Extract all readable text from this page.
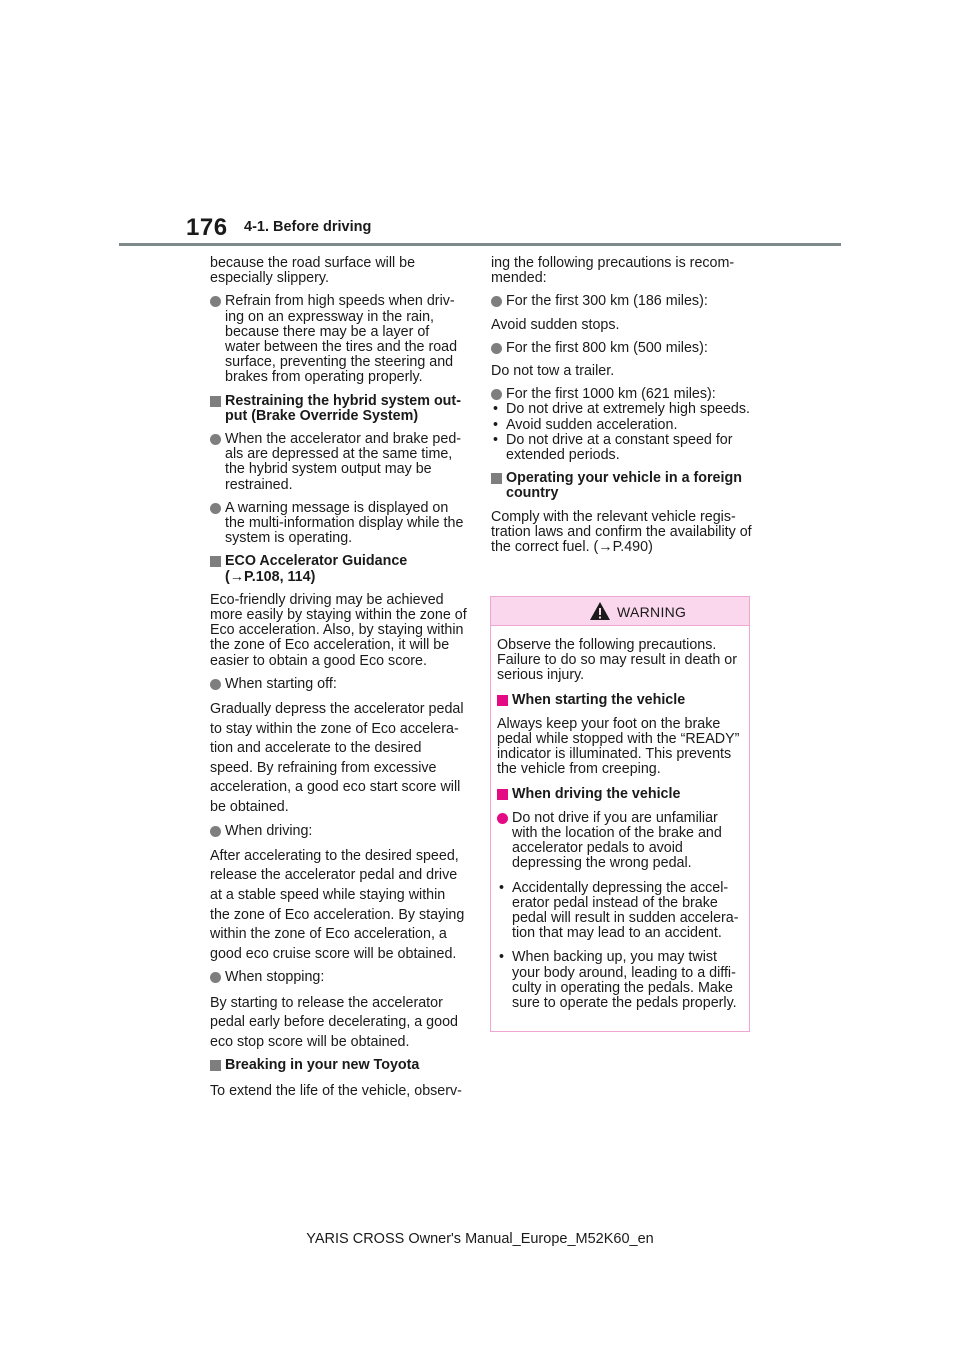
176 4-1. Before driving
because the road surface will be especially slippery.
Refrain from high speeds when driving on an expressway in the rain, because there may be a layer of water between the tires and the road surface, preventing the steering and brakes from operating properly.
Restraining the hybrid system output (Brake Override System)
When the accelerator and brake pedals are depressed at the same time, the hybrid system output may be restrained.
A warning message is displayed on the multi-information display while the system is operating.
ECO Accelerator Guidance (→P.108, 114)
Eco-friendly driving may be achieved more easily by staying within the zone of Eco acceleration. Also, by staying within the zone of Eco acceleration, it will be easier to obtain a good Eco score.
When starting off:
Gradually depress the accelerator pedal to stay within the zone of Eco acceleration and accelerate to the desired speed. By refraining from excessive acceleration, a good eco start score will be obtained.
When driving:
After accelerating to the desired speed, release the accelerator pedal and drive at a stable speed while staying within the zone of Eco acceleration. By staying within the zone of Eco acceleration, a good eco cruise score will be obtained.
When stopping:
By starting to release the accelerator pedal early before decelerating, a good eco stop score will be obtained.
Breaking in your new Toyota
To extend the life of the vehicle, observ-
ing the following precautions is recommended:
For the first 300 km (186 miles):
Avoid sudden stops.
For the first 800 km (500 miles):
Do not tow a trailer.
For the first 1000 km (621 miles):
• Do not drive at extremely high speeds.
• Avoid sudden acceleration.
• Do not drive at a constant speed for extended periods.
Operating your vehicle in a foreign country
Comply with the relevant vehicle registration laws and confirm the availability of the correct fuel. (→P.490)
WARNING
Observe the following precautions. Failure to do so may result in death or serious injury.
When starting the vehicle
Always keep your foot on the brake pedal while stopped with the “READY” indicator is illuminated. This prevents the vehicle from creeping.
When driving the vehicle
Do not drive if you are unfamiliar with the location of the brake and accelerator pedals to avoid depressing the wrong pedal.
• Accidentally depressing the accelerator pedal instead of the brake pedal will result in sudden acceleration that may lead to an accident.
• When backing up, you may twist your body around, leading to a difficulty in operating the pedals. Make sure to operate the pedals properly.
YARIS CROSS Owner's Manual_Europe_M52K60_en
